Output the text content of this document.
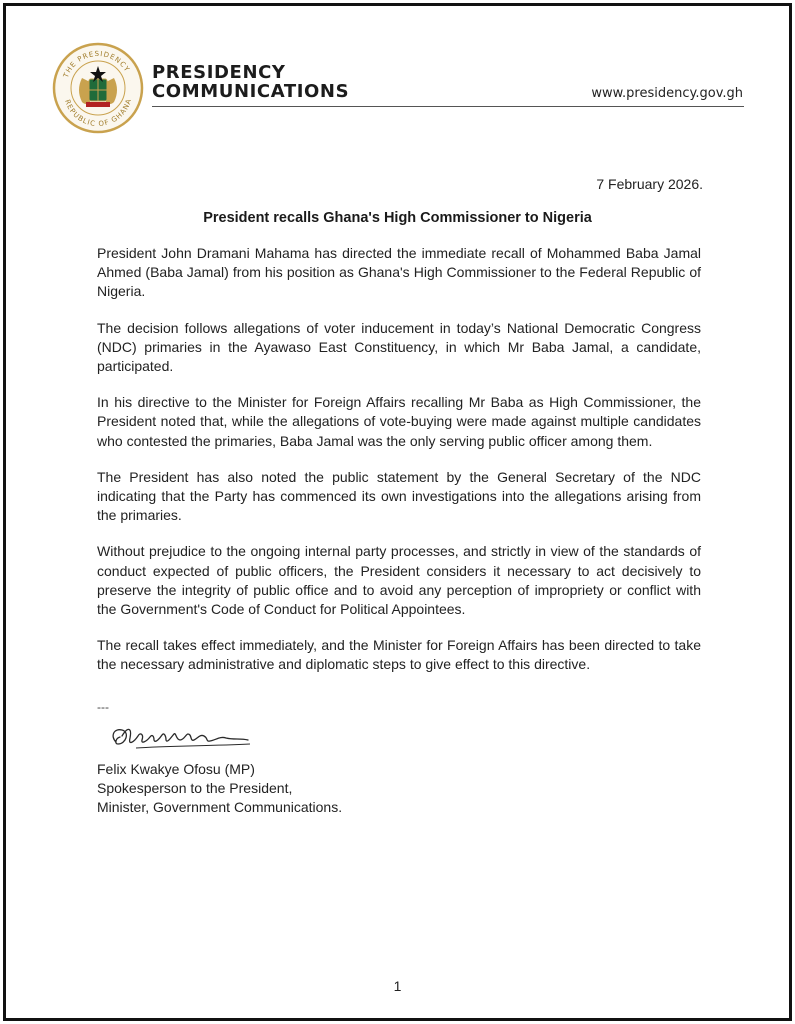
THE PRESIDENCY
REPUBLIC OF GHANA
PRESIDENCY
COMMUNICATIONS	www.presidency.gov.gh
7 February 2026.
President recalls Ghana's High Commissioner to Nigeria

President John Dramani Mahama has directed the immediate recall of Mohammed Baba Jamal Ahmed (Baba Jamal) from his position as Ghana's High Commissioner to the Federal Republic of Nigeria.

The decision follows allegations of voter inducement in today’s National Democratic Congress (NDC) primaries in the Ayawaso East Constituency, in which Mr Baba Jamal, a candidate, participated.

In his directive to the Minister for Foreign Affairs recalling Mr Baba as High Commissioner, the President noted that, while the allegations of vote-buying were made against multiple candidates who contested the primaries, Baba Jamal was the only serving public officer among them.

The President has also noted the public statement by the General Secretary of the NDC indicating that the Party has commenced its own investigations into the allegations arising from the primaries.

Without prejudice to the ongoing internal party processes, and strictly in view of the standards of conduct expected of public officers, the President considers it necessary to act decisively to preserve the integrity of public office and to avoid any perception of impropriety or conflict with the Government's Code of Conduct for Political Appointees.

The recall takes effect immediately, and the Minister for Foreign Affairs has been directed to take the necessary administrative and diplomatic steps to give effect to this directive.

---
Felix Kwakye Ofosu (MP)
Spokesperson to the President,
Minister, Government Communications.
1
